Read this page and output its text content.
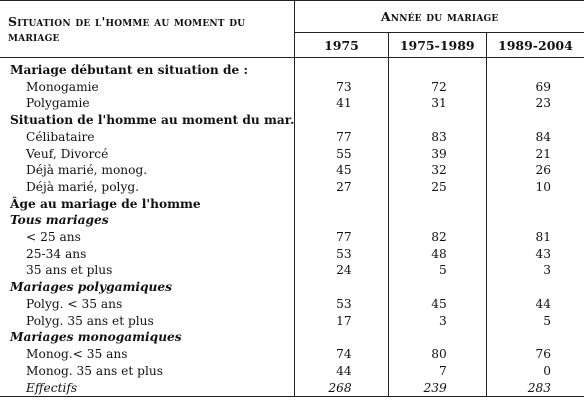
Situation de l'homme au moment du mariage	Année du mariage		
	1975	1975-1989	1989-2004
Mariage débutant en situation de :			
Monogamie	73	72	69
Polygamie	41	31	23
Situation de l'homme au moment du mar.			
Célibataire	77	83	84
Veuf, Divorcé	55	39	21
Déjà marié, monog.	45	32	26
Déjà marié, polyg.	27	25	10
Âge au mariage de l'homme			
Tous mariages			
< 25 ans	77	82	81
25-34 ans	53	48	43
35 ans et plus	24	5	3
Mariages polygamiques			
Polyg. < 35 ans	53	45	44
Polyg. 35 ans et plus	17	3	5
Mariages monogamiques			
Monog.< 35 ans	74	80	76
Monog. 35 ans et plus	44	7	0
Effectifs	268	239	283
